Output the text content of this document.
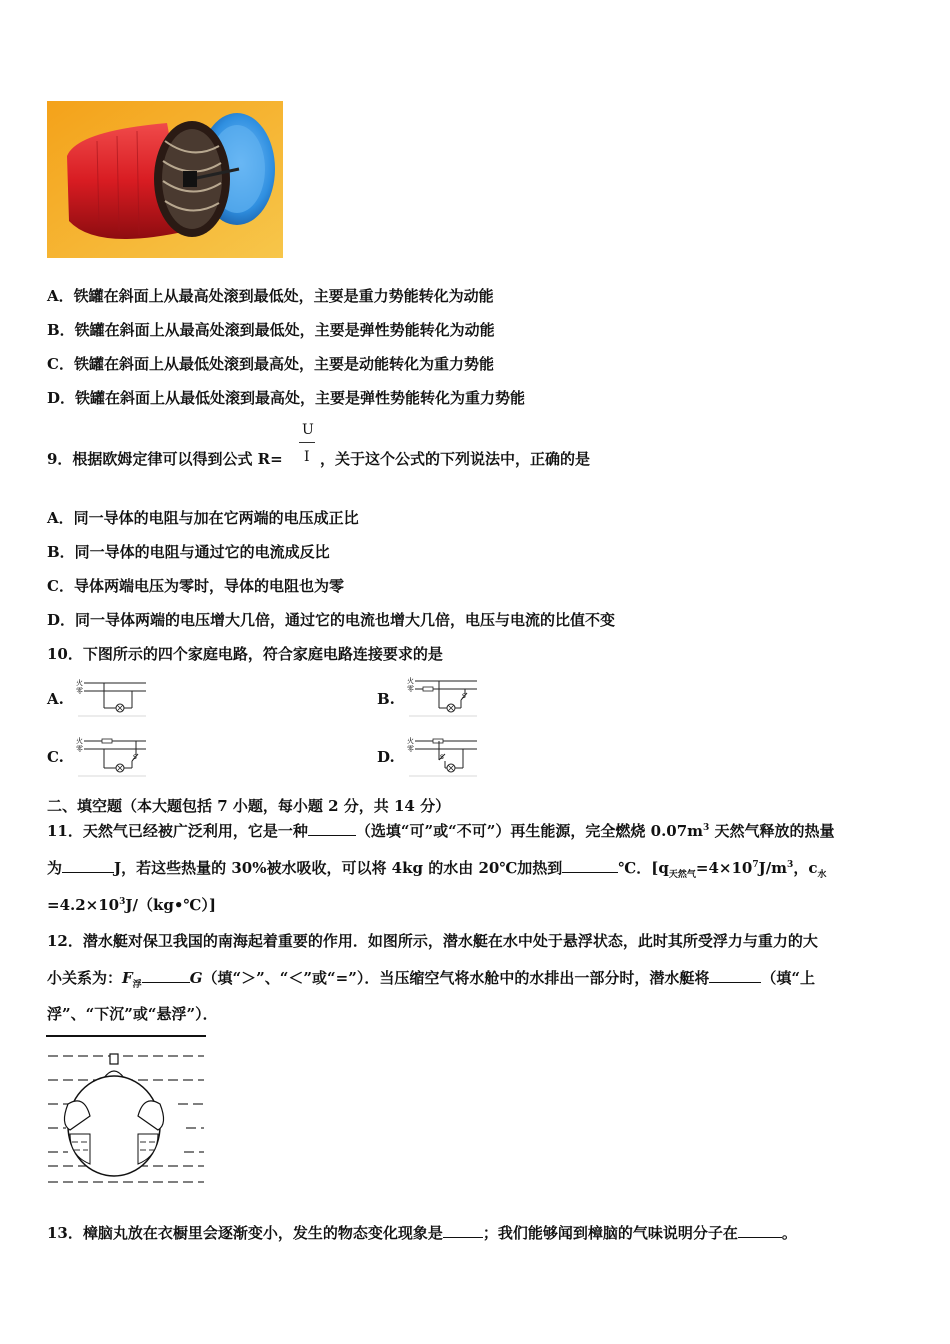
A．铁罐在斜面上从最高处滚到最低处，主要是重力势能转化为动能
B．铁罐在斜面上从最高处滚到最低处，主要是弹性势能转化为动能
C．铁罐在斜面上从最低处滚到最高处，主要是动能转化为重力势能
D．铁罐在斜面上从最低处滚到最高处，主要是弹性势能转化为重力势能
9．根据欧姆定律可以得到公式 R=
U
I ，关于这个公式的下列说法中，正确的是
A．同一导体的电阻与加在它两端的电压成正比
B．同一导体的电阻与通过它的电流成反比
C．导体两端电压为零时，导体的电阻也为零
D．同一导体两端的电压增大几倍，通过它的电流也增大几倍，电压与电流的比值不变
10．下图所示的四个家庭电路，符合家庭电路连接要求的是
A.	B.
C.	D.
火
零
火
零
S
火
零
S
火
零
S
二、填空题（本大题包括 7 小题，每小题 2 分，共 14 分）
11．天然气已经被广泛利用，它是一种	（选填“可”或“不可”）再生能源，完全燃烧 $0.07m^3$ 天然气释放的热量
为	J，若这些热量的 30%被水吸收，可以将 4kg 的水由 20℃加热到	℃．[$q_{天然气}=4\times 10^7J/m^3$，$c_水$
$=4.2\times 10^3J/(kg•℃)$]
12．潜水艇对保卫我国的南海起着重要的作用．如图所示，潜水艇在水中处于悬浮状态，此时其所受浮力与重力的大
小关系为：$F_浮$	G（填“＞”、“＜”或“=”）．当压缩空气将水舱中的水排出一部分时，潜水艇将	（填“上
浮”、“下沉”或“悬浮”）．
13．樟脑丸放在衣橱里会逐渐变小，发生的物态变化现象是	；我们能够闻到樟脑的气味说明分子在	。
